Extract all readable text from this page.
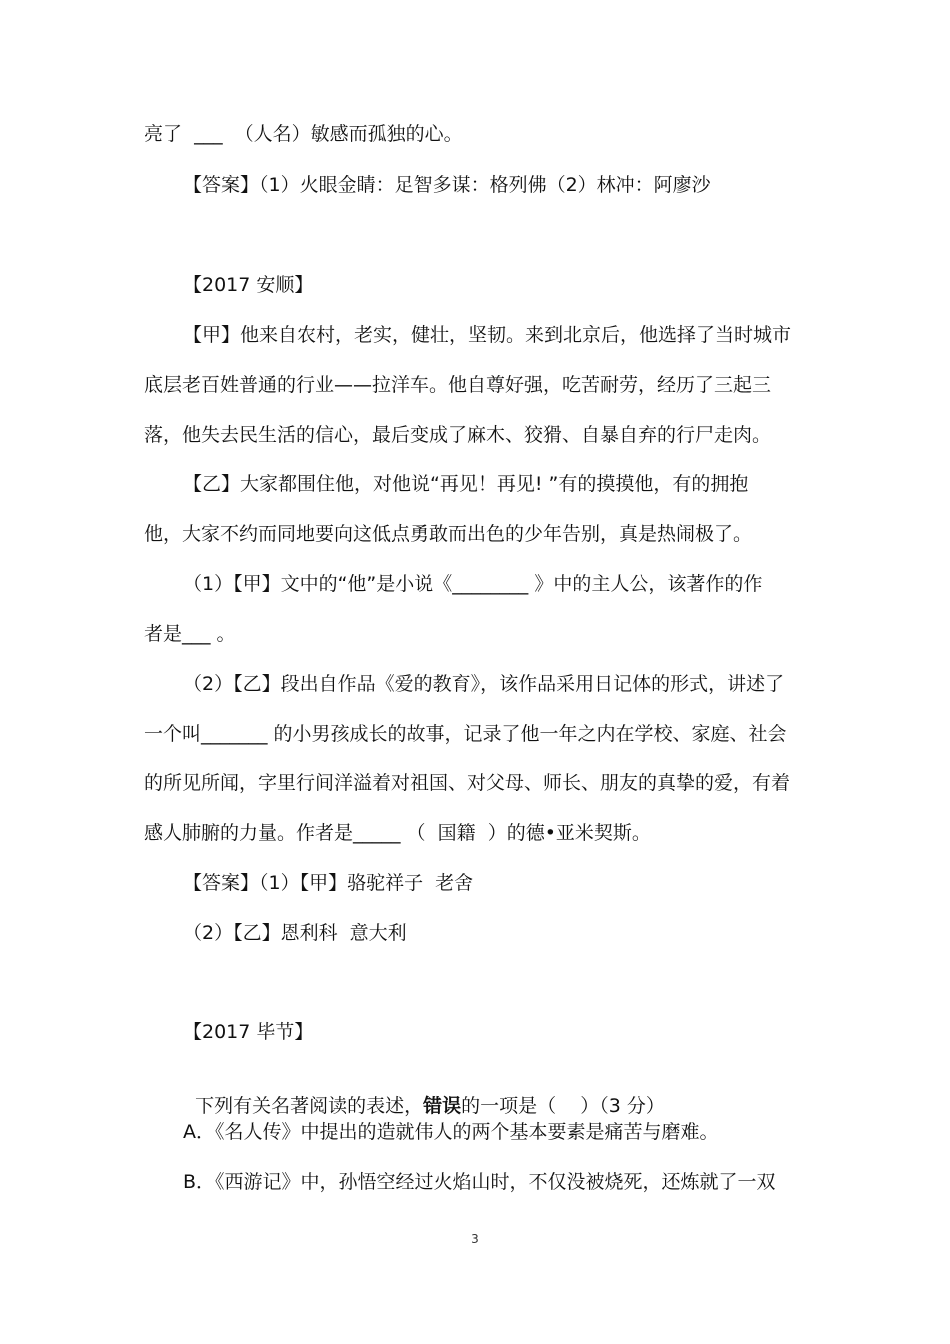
亮了  ___  （人名）敏感而孤独的心。
【答案】（1）火眼金睛：足智多谋：格列佛（2）林冲：阿廖沙
【2017 安顺】
【甲】他来自农村，老实，健壮，坚韧。来到北京后，他选择了当时城市
底层老百姓普通的行业——拉洋车。他自尊好强，吃苦耐劳，经历了三起三
落，他失去民生活的信心，最后变成了麻木、狡猾、自暴自弃的行尸走肉。
【乙】大家都围住他，对他说“再见！再见! ”有的摸摸他，有的拥抱
他，大家不约而同地要向这低点勇敢而出色的少年告别，真是热闹极了。
（1）【甲】文中的“他”是小说《________ 》中的主人公，该著作的作
者是___ 。
（2）【乙】段出自作品《爱的教育》，该作品采用日记体的形式，讲述了
一个叫_______ 的小男孩成长的故事，记录了他一年之内在学校、家庭、社会
的所见所闻，字里行间洋溢着对祖国、对父母、师长、朋友的真挚的爱，有着
感人肺腑的力量。作者是_____ （  国籍  ）的德•亚米契斯。
【答案】（1）【甲】骆驼祥子  老舍
（2）【乙】恩利科  意大利
【2017 毕节】

下列有关名著阅读的表述，错误的一项是（    ）（3 分）

A．《名人传》中提出的造就伟人的两个基本要素是痛苦与磨难。
B．《西游记》中，孙悟空经过火焰山时，不仅没被烧死，还炼就了一双
3
